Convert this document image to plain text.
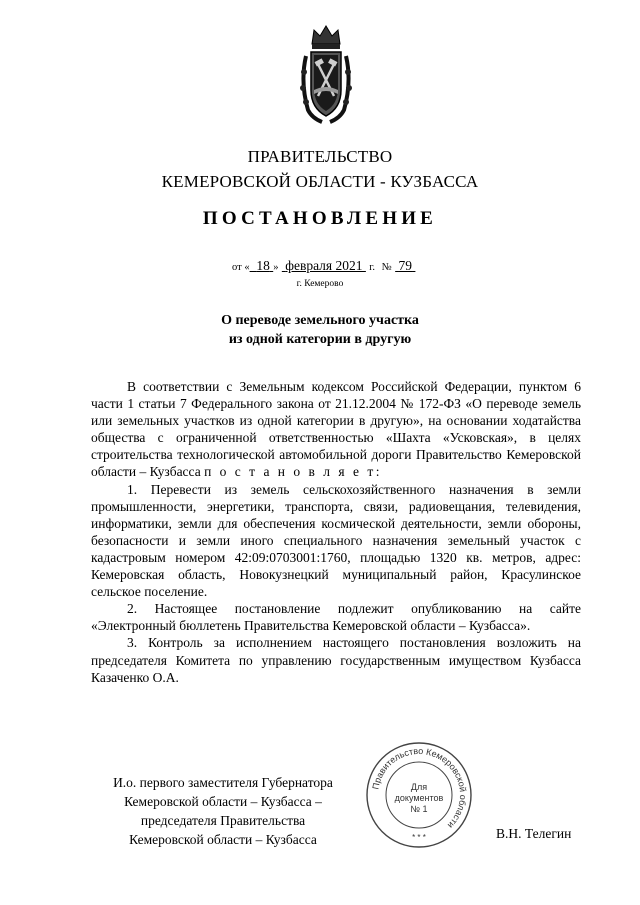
ПРАВИТЕЛЬСТВО
КЕМЕРОВСКОЙ ОБЛАСТИ - КУЗБАССА
ПОСТАНОВЛЕНИЕ
от « 18 » февраля 2021 г. № 79
г. Кемерово
О переводе земельного участка
из одной категории в другую

В соответствии с Земельным кодексом Российской Федерации, пунктом 6 части 1 статьи 7 Федерального закона от 21.12.2004 № 172-ФЗ «О переводе земель или земельных участков из одной категории в другую», на основании ходатайства общества с ограниченной ответственностью «Шахта «Усковская», в целях строительства технологической автомобильной дороги Правительство Кемеровской области – Кузбасса п о с т а н о в л я е т:

1. Перевести из земель сельскохозяйственного назначения в земли промышленности, энергетики, транспорта, связи, радиовещания, телевидения, информатики, земли для обеспечения космической деятельности, земли обороны, безопасности и земли иного специального назначения земельный участок с кадастровым номером 42:09:0703001:1760, площадью 1320 кв. метров, адрес: Кемеровская область, Новокузнецкий муниципальный район, Красулинское сельское поселение.

2. Настоящее постановление подлежит опубликованию на сайте «Электронный бюллетень Правительства Кемеровской области – Кузбасса».

3. Контроль за исполнением настоящего постановления возложить на председателя Комитета по управлению государственным имуществом Кузбасса Казаченко О.А.

И.о. первого заместителя Губернатора
Кемеровской области – Кузбасса –
председателя Правительства
Кемеровской области – Кузбасса
Правительство Кемеровской области
Для
документов
№ 1
* * *	В.Н. Телегин
